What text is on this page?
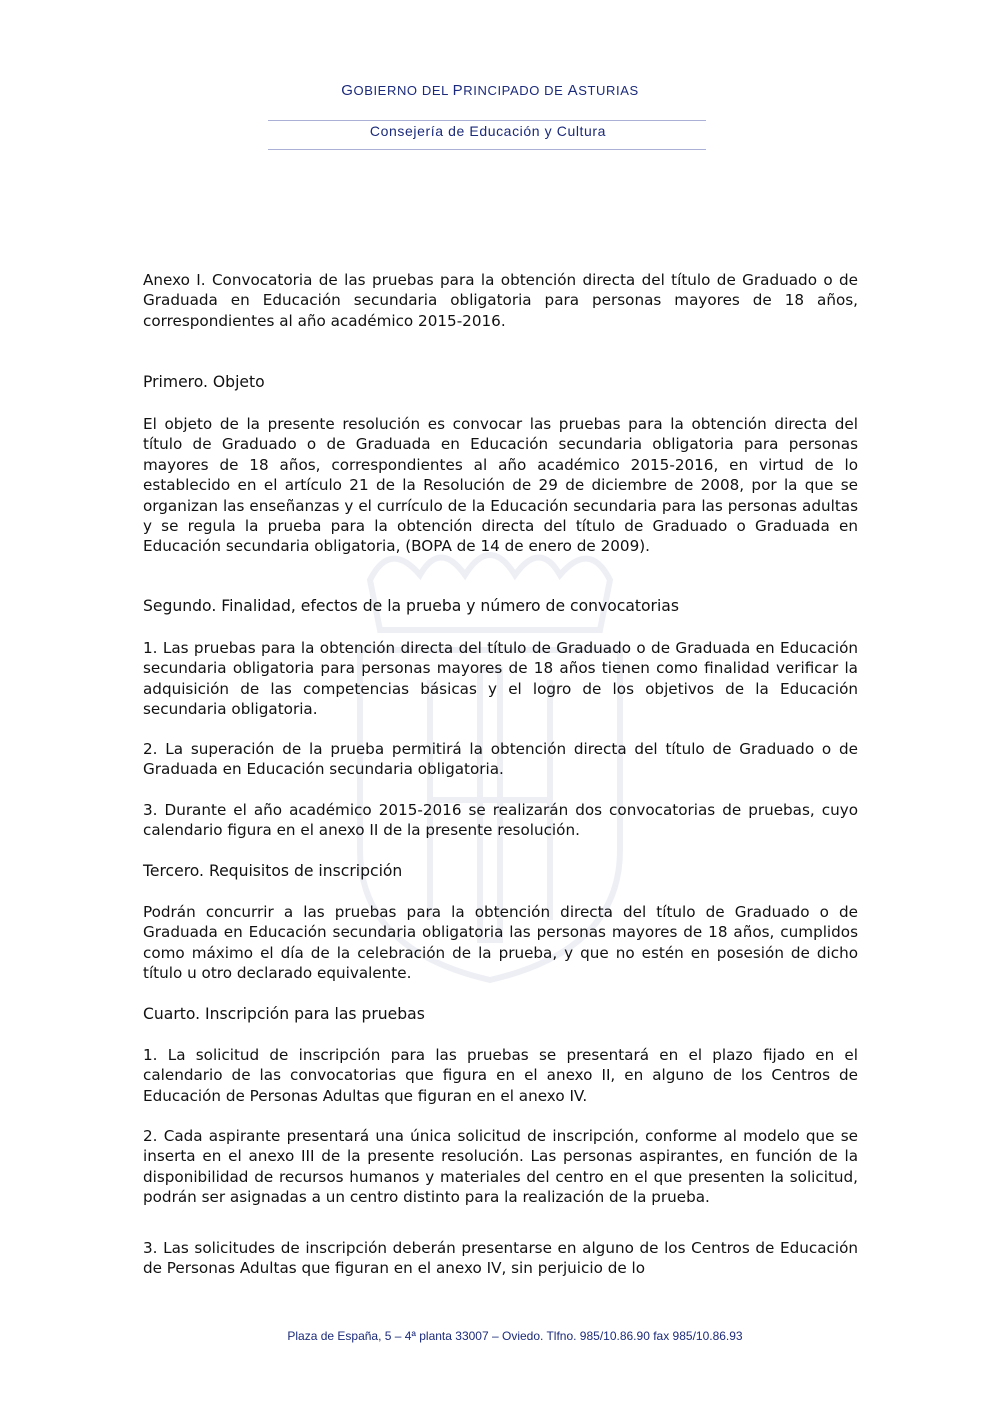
GOBIERNO DEL PRINCIPADO DE ASTURIAS
Consejería de Educación y Cultura

Anexo I. Convocatoria de las pruebas para la obtención directa del título de Graduado o de Graduada en Educación secundaria obligatoria para personas mayores de 18 años, correspondientes al año académico 2015-2016.

Primero. Objeto

El objeto de la presente resolución es convocar las pruebas para la obtención directa del título de Graduado o de Graduada en Educación secundaria obligatoria para personas mayores de 18 años, correspondientes al año académico 2015-2016, en virtud de lo establecido en el artículo 21 de la Resolución de 29 de diciembre de 2008, por la que se organizan las enseñanzas y el currículo de la Educación secundaria para las personas adultas y se regula la prueba para la obtención directa del título de Graduado o Graduada en Educación secundaria obligatoria, (BOPA de 14 de enero de 2009).

Segundo. Finalidad, efectos de la prueba y número de convocatorias

1. Las pruebas para la obtención directa del título de Graduado o de Graduada en Educación secundaria obligatoria para personas mayores de 18 años tienen como finalidad verificar la adquisición de las competencias básicas y el logro de los objetivos de la Educación secundaria obligatoria.

2. La superación de la prueba permitirá la obtención directa del título de Graduado o de Graduada en Educación secundaria obligatoria.

3. Durante el año académico 2015-2016 se realizarán dos convocatorias de pruebas, cuyo calendario figura en el anexo II de la presente resolución.

Tercero. Requisitos de inscripción

Podrán concurrir a las pruebas para la obtención directa del título de Graduado o de Graduada en Educación secundaria obligatoria las personas mayores de 18 años, cumplidos como máximo el día de la celebración de la prueba, y que no estén en posesión de dicho título u otro declarado equivalente.

Cuarto. Inscripción para las pruebas

1. La solicitud de inscripción para las pruebas se presentará en el plazo fijado en el calendario de las convocatorias que figura en el anexo II, en alguno de los Centros de Educación de Personas Adultas que figuran en el anexo IV.

2. Cada aspirante presentará una única solicitud de inscripción, conforme al modelo que se inserta en el anexo III de la presente resolución. Las personas aspirantes, en función de la disponibilidad de recursos humanos y materiales del centro en el que presenten la solicitud, podrán ser asignadas a un centro distinto para la realización de la prueba.

3. Las solicitudes de inscripción deberán presentarse en alguno de los Centros de Educación de Personas Adultas que figuran en el anexo IV, sin perjuicio de lo

Plaza de España, 5 – 4ª planta 33007 – Oviedo. Tlfno. 985/10.86.90 fax 985/10.86.93
